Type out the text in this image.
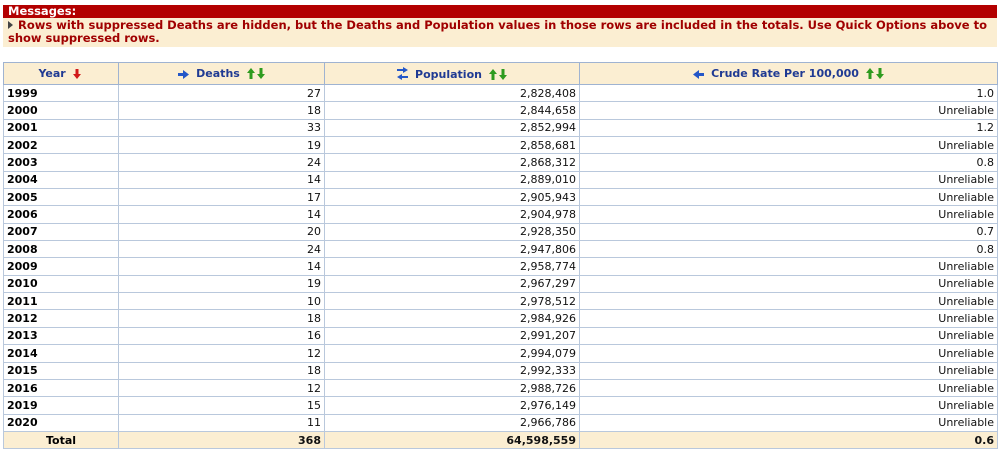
Messages:
Rows with suppressed Deaths are hidden, but the Deaths and Population values in those rows are included in the totals. Use Quick Options above to show suppressed rows.
Year	Deaths	Population	Crude Rate Per 100,000
1999	27	2,828,408	1.0
2000	18	2,844,658	Unreliable
2001	33	2,852,994	1.2
2002	19	2,858,681	Unreliable
2003	24	2,868,312	0.8
2004	14	2,889,010	Unreliable
2005	17	2,905,943	Unreliable
2006	14	2,904,978	Unreliable
2007	20	2,928,350	0.7
2008	24	2,947,806	0.8
2009	14	2,958,774	Unreliable
2010	19	2,967,297	Unreliable
2011	10	2,978,512	Unreliable
2012	18	2,984,926	Unreliable
2013	16	2,991,207	Unreliable
2014	12	2,994,079	Unreliable
2015	18	2,992,333	Unreliable
2016	12	2,988,726	Unreliable
2019	15	2,976,149	Unreliable
2020	11	2,966,786	Unreliable
Total	368	64,598,559	0.6
